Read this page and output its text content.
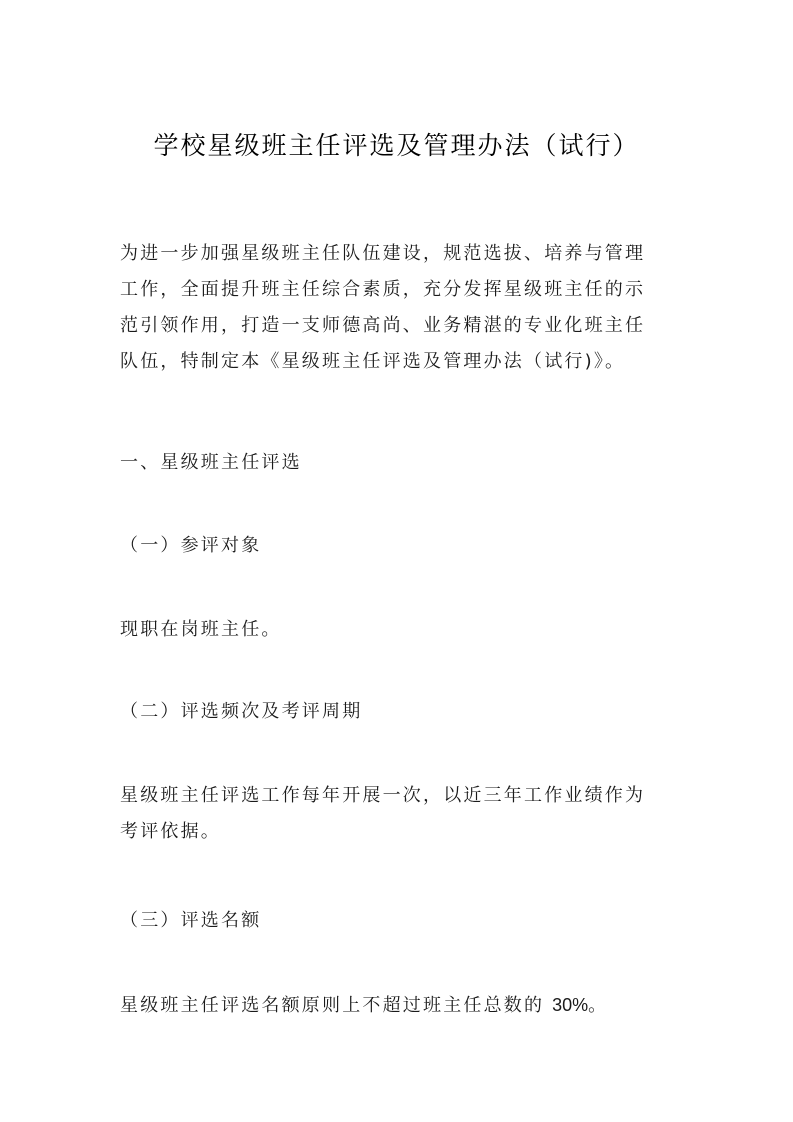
学校星级班主任评选及管理办法（试行）
为进一步加强星级班主任队伍建设，规范选拔、培养与管理
工作，全面提升班主任综合素质，充分发挥星级班主任的示
范引领作用，打造一支师德高尚、业务精湛的专业化班主任
队伍，特制定本《星级班主任评选及管理办法（试行)》。

一、星级班主任评选

（一）参评对象

现职在岗班主任。

（二）评选频次及考评周期

星级班主任评选工作每年开展一次，以近三年工作业绩作为
考评依据。

（三）评选名额

星级班主任评选名额原则上不超过班主任总数的 30%。
